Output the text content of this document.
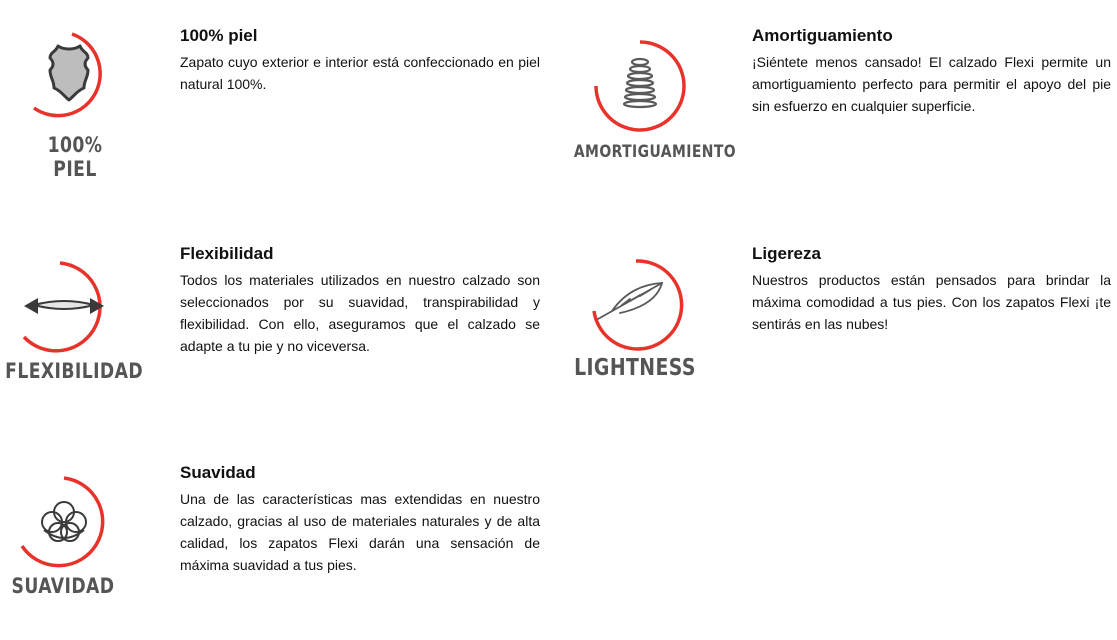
100%
PIEL
100% piel

Zapato cuyo exterior e interior está confeccionado en piel natural 100%.

AMORTIGUAMIENTO
Amortiguamiento

¡Siéntete menos cansado! El calzado Flexi permite un amortiguamiento perfecto para permitir el apoyo del pie sin esfuerzo en cualquier superficie.

FLEXIBILIDAD
Flexibilidad

Todos los materiales utilizados en nuestro calzado son seleccionados por su suavidad, transpirabilidad y flexibilidad. Con ello, aseguramos que el calzado se adapte a tu pie y no viceversa.

LIGHTNESS
Ligereza

Nuestros productos están pensados para brindar la máxima comodidad a tus pies. Con los zapatos Flexi ¡te sentirás en las nubes!

SUAVIDAD
Suavidad

Una de las características mas extendidas en nuestro calzado, gracias al uso de materiales naturales y de alta calidad, los zapatos Flexi darán una sensación de máxima suavidad a tus pies.
